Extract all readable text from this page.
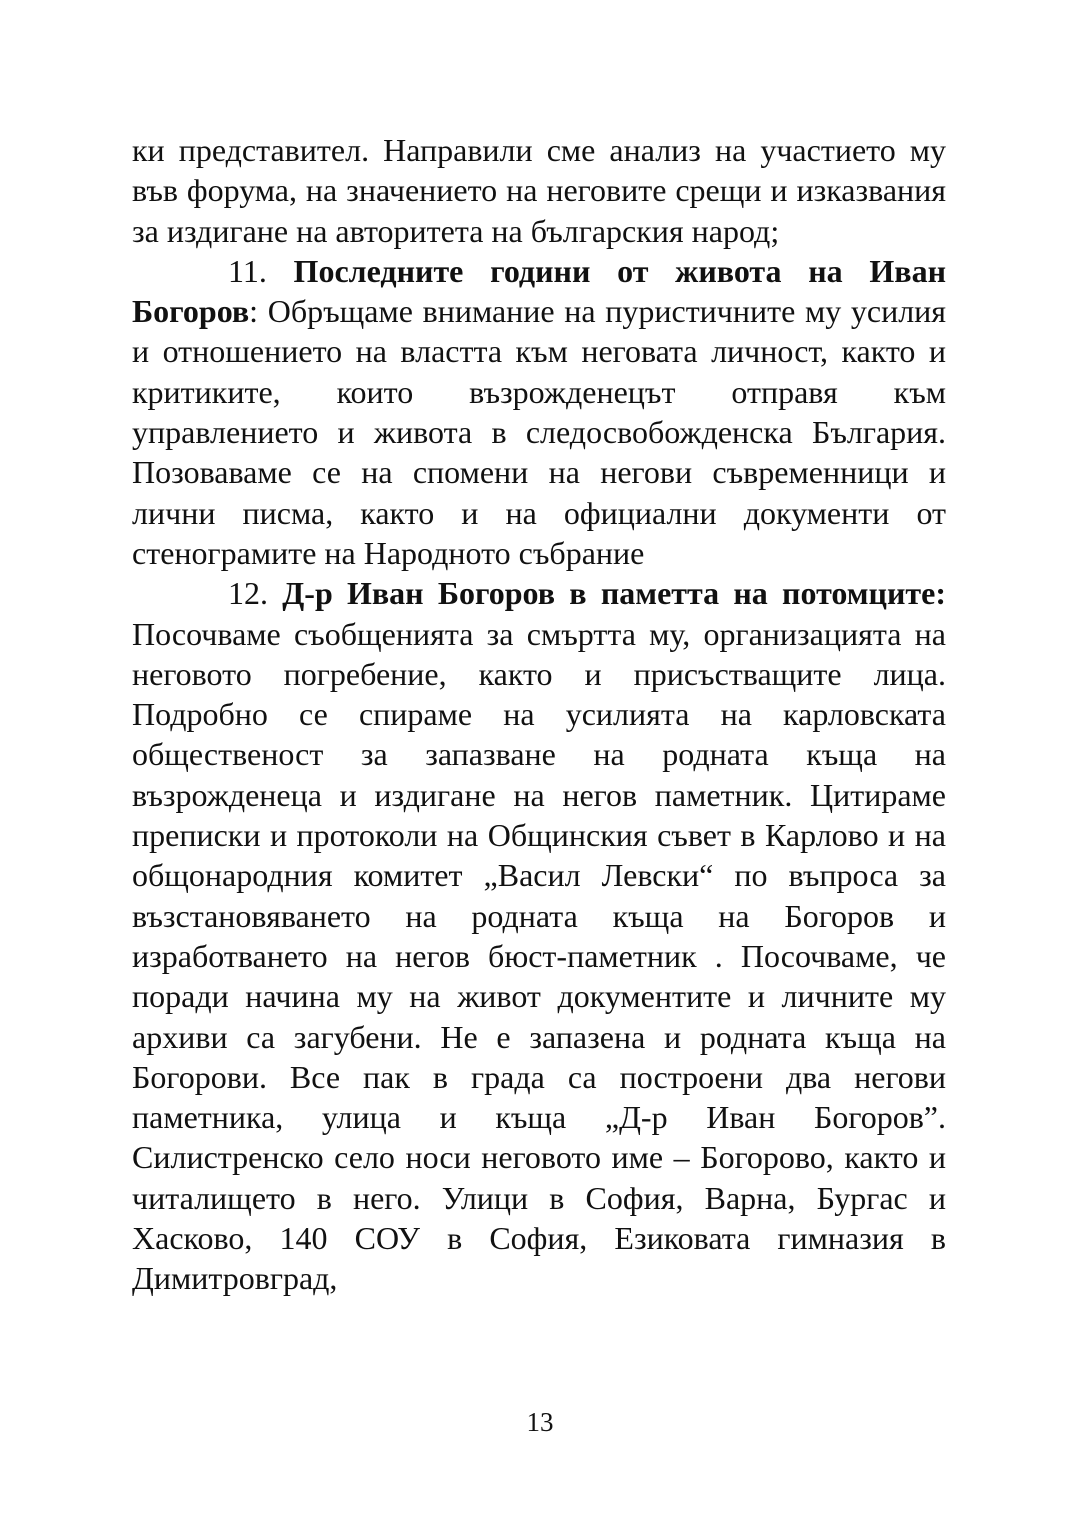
ки представител. Направили сме анализ на участието му във форума, на значението на неговите срещи и изказвания за издигане на авторитета на българския народ;

11. Последните години от живота на Иван Богоров: Обръщаме внимание на пуристичните му усилия и отношението на властта към неговата личност, както и критиките, които възрожденецът отправя към управлението и живота в следосвобожденска България. Позоваваме се на спомени на негови съвременници и лични писма, както и на официални документи от стенограмите на Народното събрание

12. Д-р Иван Богоров в паметта на потомците: Посочваме съобщенията за смъртта му, организацията на неговото погребение, както и присъстващите лица. Подробно се спираме на усилията на карловската общественост за запазване на родната къща на възрожденеца и издигане на негов паметник. Цитираме преписки и протоколи на Общинския съвет в Карлово и на общонародния комитет „Васил Левски“ по въпроса за възстановяването на родната къща на Богоров и изработването на негов бюст-паметник . Посочваме, че поради начина му на живот документите и личните му архиви са загубени. Не е запазена и родната къща на Богорови. Все пак в града са построени два негови паметника, улица и къща „Д-р Иван Богоров”. Силистренско село носи неговото име – Богорово, както и читалището в него. Улици в София, Варна, Бургас и Хасково, 140 СОУ в София, Езиковата гимназия в Димитровград,

13
